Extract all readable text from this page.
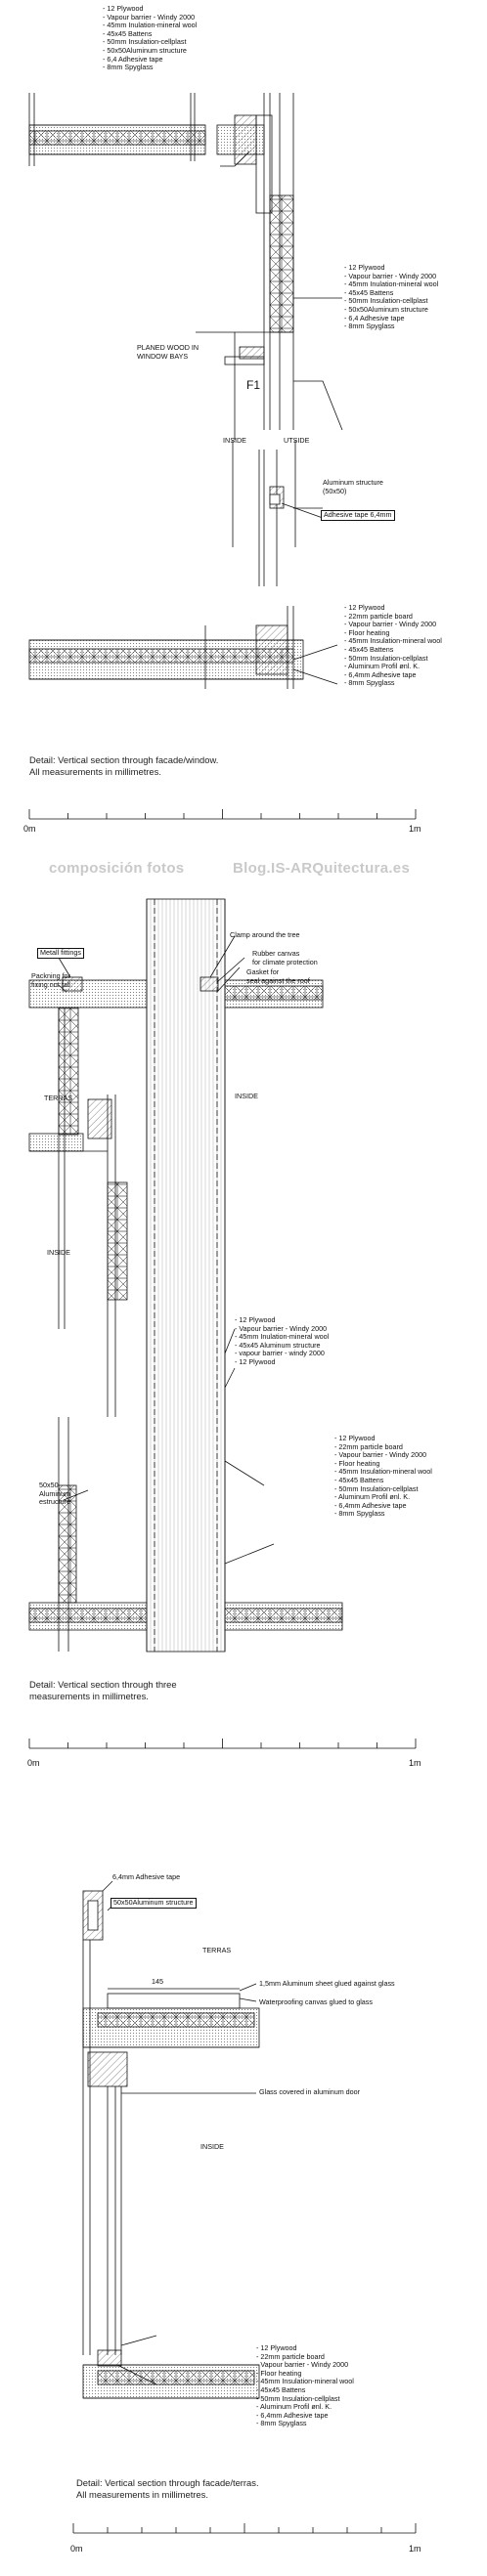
- 12 Plywood
- Vapour barrier - Windy 2000
- 45mm Inulation-mineral wool
- 45x45 Battens
- 50mm Insulation-cellplast
- 50x50Aluminum structure
- 6,4 Adhesive tape
- 8mm Spyglass
- 12 Plywood
- Vapour barrier - Windy 2000
- 45mm Inulation-mineral wool
- 45x45 Battens
- 50mm Insulation-cellplast
- 50x50Aluminum structure
- 6,4 Adhesive tape
- 8mm Spyglass
PLANED WOOD IN
WINDOW BAYS
F1
INSIDE	UTSIDE
Aluminum structure
(50x50)
Adhesive tape 6,4mm
- 12 Plywood
- 22mm particle board
- Vapour barrier - Windy 2000
- Floor heating
- 45mm Insulation-mineral wool
- 45x45 Battens
- 50mm Insulation-cellplast
- Aluminum Profil ønl. K.
- 6,4mm Adhesive tape
- 8mm Spyglass
Detail: Vertical section through facade/window.
All measurements in millimetres.
0m	1m
composición fotos	Blog.IS-ARQuitectura.es
Clamp around the tree
Rubber canvas
for climate protection
Gasket for
seal against the roof
Metall fittings
Packning for
fixing not fall
TERRAS	INSIDE
INSIDE
- 12 Plywood
- Vapour barrier - Windy 2000
- 45mm Inulation-mineral wool
- 45x45 Aluminum structure
- vapour barrier - windy 2000
- 12 Plywood
50x50
Aluminum
estructure
- 12 Plywood
- 22mm particle board
- Vapour barrier - Windy 2000
- Floor heating
- 45mm Insulation-mineral wool
- 45x45 Battens
- 50mm Insulation-cellplast
- Aluminum Profil ønl. K.
- 6,4mm Adhesive tape
- 8mm Spyglass
Detail: Vertical section through three
measurements in millimetres.
0m	1m
6,4mm Adhesive tape
50x50Aluminum structure
TERRAS
145	1,5mm Aluminum sheet glued against glass
Waterproofing canvas glued to glass
Glass covered in aluminum door
INSIDE
- 12 Plywood
- 22mm particle board
- Vapour barrier - Windy 2000
- Floor heating
- 45mm Insulation-mineral wool
- 45x45 Battens
- 50mm Insulation-cellplast
- Aluminum Profil ønl. K.
- 6,4mm Adhesive tape
- 8mm Spyglass
Detail: Vertical section through facade/terras.
All measurements in millimetres.
0m	1m
